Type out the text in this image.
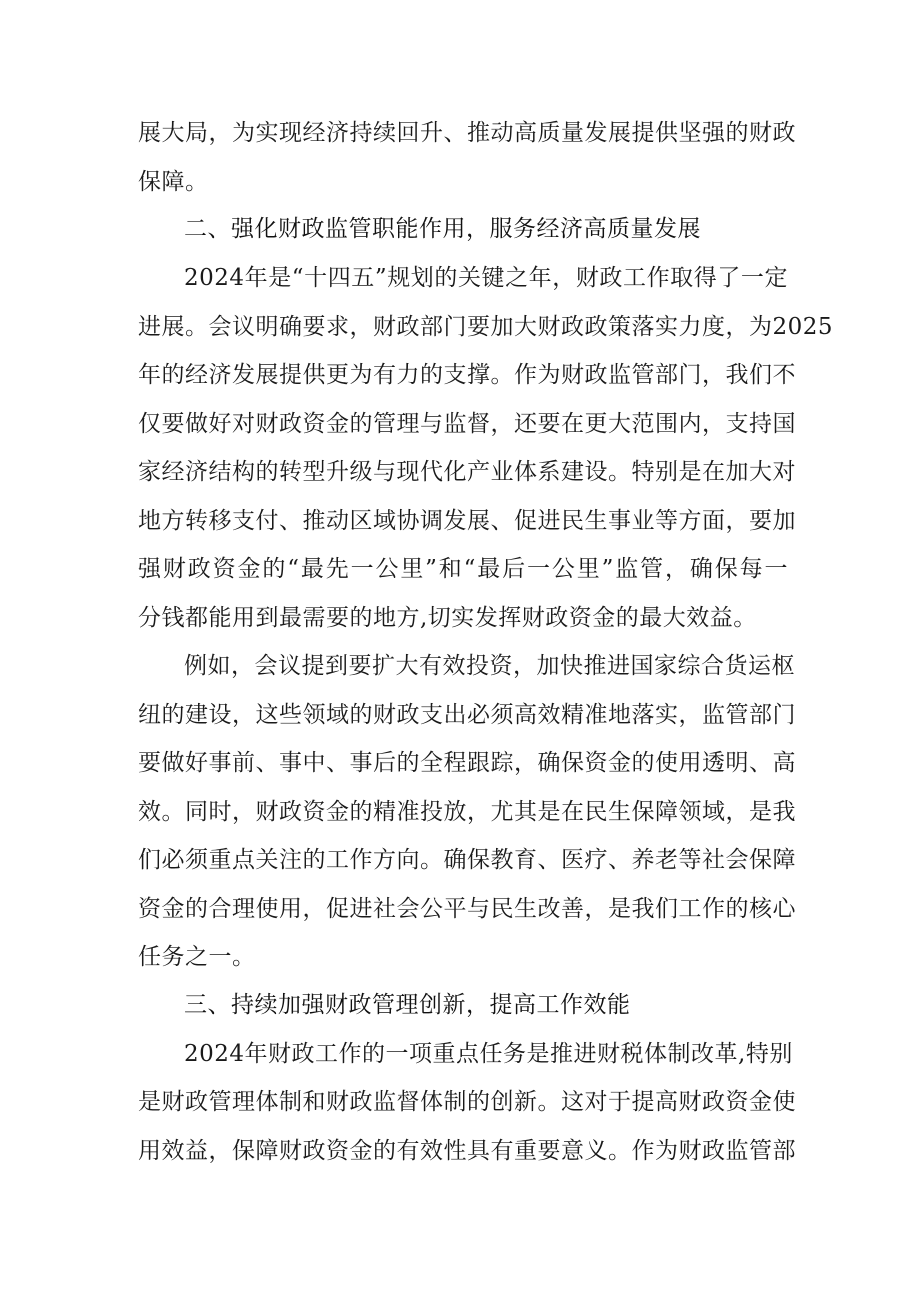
展大局，为实现经济持续回升、推动高质量发展提供坚强的财政
保障。
二、强化财政监管职能作用，服务经济高质量发展
2024年是“十四五”规划的关键之年，财政工作取得了一定
进展。会议明确要求，财政部门要加大财政政策落实力度，为2025
年的经济发展提供更为有力的支撑。作为财政监管部门，我们不
仅要做好对财政资金的管理与监督，还要在更大范围内，支持国
家经济结构的转型升级与现代化产业体系建设。特别是在加大对
地方转移支付、推动区域协调发展、促进民生事业等方面，要加
强财政资金的“最先一公里”和“最后一公里”监管，确保每一
分钱都能用到最需要的地方,切实发挥财政资金的最大效益。
例如，会议提到要扩大有效投资，加快推进国家综合货运枢
纽的建设，这些领域的财政支出必须高效精准地落实，监管部门
要做好事前、事中、事后的全程跟踪，确保资金的使用透明、高
效。同时，财政资金的精准投放，尤其是在民生保障领域，是我
们必须重点关注的工作方向。确保教育、医疗、养老等社会保障
资金的合理使用，促进社会公平与民生改善，是我们工作的核心
任务之一。
三、持续加强财政管理创新，提高工作效能
2024年财政工作的一项重点任务是推进财税体制改革,特别
是财政管理体制和财政监督体制的创新。这对于提高财政资金使
用效益，保障财政资金的有效性具有重要意义。作为财政监管部
